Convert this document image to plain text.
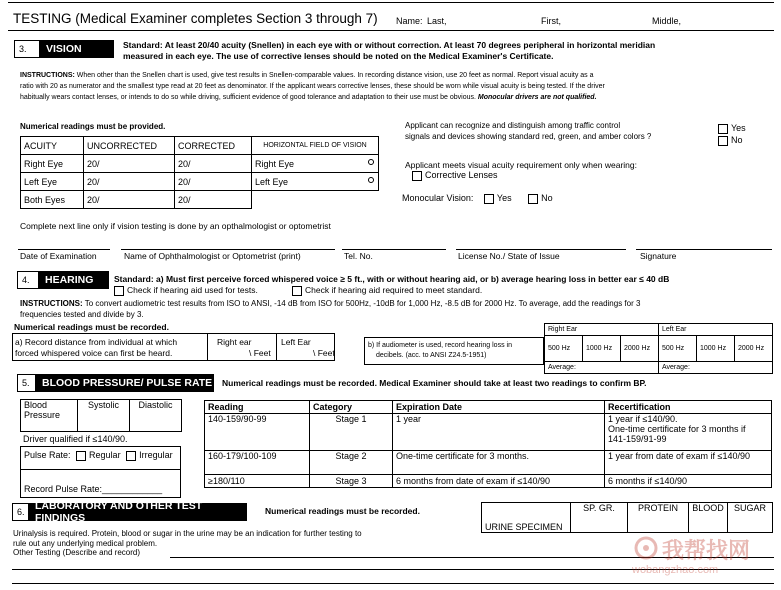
TESTING (Medical Examiner completes Section 3 through 7) Name: Last,	First,	Middle,
3.	VISION	Standard: At least 20/40 acuity (Snellen) in each eye with or without correction. At least 70 degrees peripheral in horizontal meridian
measured in each eye. The use of corrective lenses should be noted on the Medical Examiner's Certificate.
INSTRUCTIONS: When other than the Snellen chart is used, give test results in Snellen-comparable values. In recording distance vision, use 20 feet as normal. Report visual acuity as a
ratio with 20 as numerator and the smallest type read at 20 feet as denominator. If the applicant wears corrective lenses, these should be worn while visual acuity is being tested. If the driver
habitually wears contact lenses, or intends to do so while driving, sufficient evidence of good tolerance and adaptation to their use must be obvious. Monocular drivers are not qualified.
Numerical readings must be provided.
ACUITY	UNCORRECTED	CORRECTED	HORIZONTAL FIELD OF VISION
Right Eye	20/	20/	Right Eye

Left Eye	20/	20/	Left Eye

Both Eyes	20/	20/	
Applicant can recognize and distinguish among traffic control
signals and devices showing standard red, green, and amber colors ?
Yes
No
Applicant meets visual acuity requirement only when wearing:
Corrective Lenses
Monocular Vision:	Yes	No
Complete next line only if vision testing is done by an opthalmologist or optometrist
Date of Examination	Name of Ophthalmologist or Optometrist (print)	Tel. No.	License No./ State of Issue	Signature
4.	HEARING	Standard: a) Must first perceive forced whispered voice ≥ 5 ft., with or without hearing aid, or b) average hearing loss in better ear ≤ 40 dB
Check if hearing aid used for tests.	Check if hearing aid required to meet standard.
INSTRUCTIONS: To convert audiometric test results from ISO to ANSI, -14 dB from ISO for 500Hz, -10dB for 1,000 Hz, -8.5 dB for 2000 Hz. To average, add the readings for 3
frequencies tested and divide by 3.
Numerical readings must be recorded.
a) Record distance from individual at which
forced whispered voice can first be heard.
Right ear
\ Feet
Left Ear
\ Feet
b) If audiometer is used, record hearing loss in
decibels. (acc. to ANSI Z24.5-1951)
Right Ear			Left Ear		
500 Hz	1000 Hz	2000 Hz	500 Hz	1000 Hz	2000 Hz
Average:			Average:		
5.	BLOOD PRESSURE/ PULSE RATE Numerical readings must be recorded. Medical Examiner should take at least two readings to confirm BP.
Blood
Pressure
	Systolic	Diastolic
Driver qualified if ≤140/90.
Pulse Rate: Regular Irregular
Record Pulse Rate:____________
Reading	Category	Expiration Date	Recertification
140-159/90-99	Stage 1	1 year	1 year if ≤140/90.
One-time certificate for 3 months if
141-159/91-99

160-179/100-109	Stage 2	One-time certificate for 3 months.	1 year from date of exam if ≤140/90
≥180/110	Stage 3	6 months from date of exam if ≤140/90	6 months if ≤140/90
6. LABORATORY AND OTHER TEST FINDINGS
Numerical readings must be recorded.
URINE SPECIMEN	SP. GR.	PROTEIN	BLOOD	SUGAR
Urinalysis is required. Protein, blood or sugar in the urine may be an indication for further testing to
rule out any underlying medical problem.
Other Testing (Describe and record)	我帮找网
wobangzhao.com
